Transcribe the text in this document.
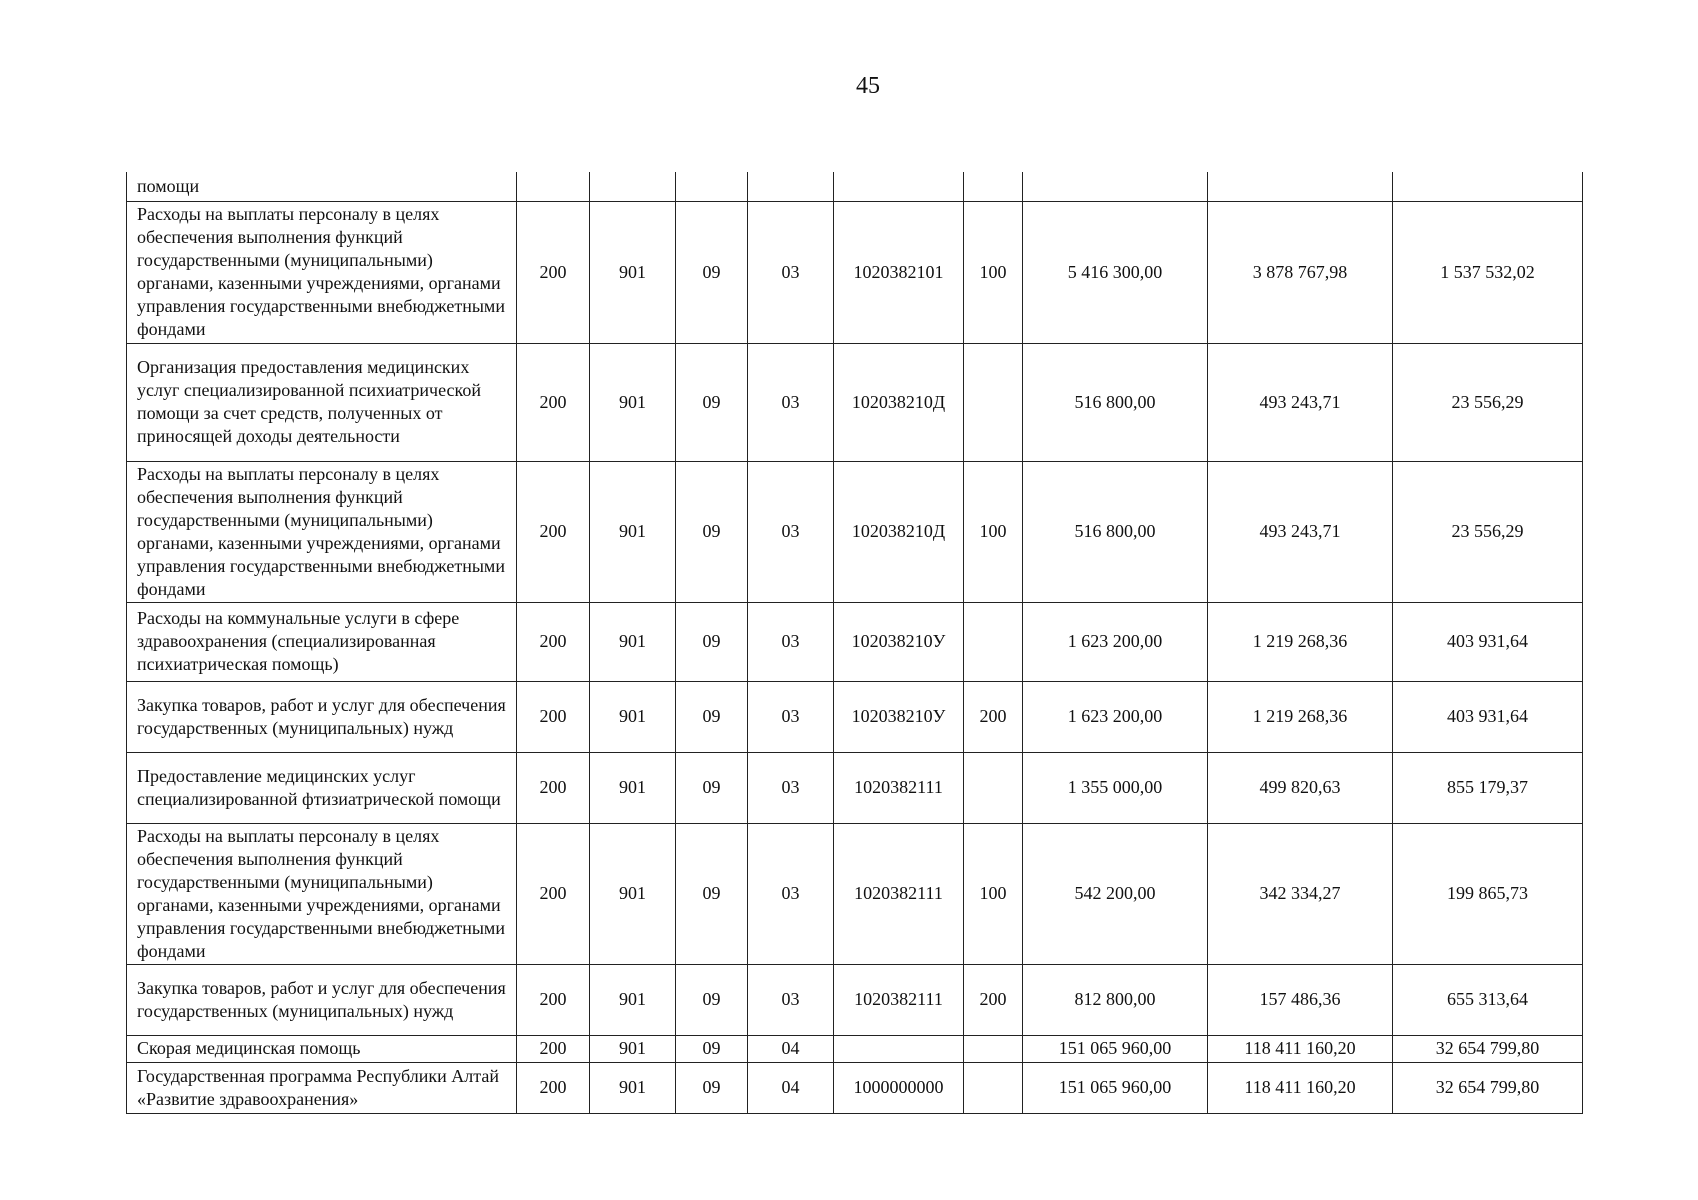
45
помощи									
Расходы на выплаты персоналу в целях обеспечения выполнения функций государственными (муниципальными) органами, казенными учреждениями, органами управления государственными внебюджетными фондами	200	901	09	03	1020382101	100	5 416 300,00	3 878 767,98	1 537 532,02
Организация предоставления медицинских услуг специализированной психиатрической помощи за счет средств, полученных от приносящей доходы деятельности	200	901	09	03	102038210Д		516 800,00	493 243,71	23 556,29
Расходы на выплаты персоналу в целях обеспечения выполнения функций государственными (муниципальными) органами, казенными учреждениями, органами управления государственными внебюджетными фондами	200	901	09	03	102038210Д	100	516 800,00	493 243,71	23 556,29
Расходы на коммунальные услуги в сфере здравоохранения (специализированная психиатрическая помощь)	200	901	09	03	102038210У		1 623 200,00	1 219 268,36	403 931,64
Закупка товаров, работ и услуг для обеспечения государственных (муниципальных) нужд	200	901	09	03	102038210У	200	1 623 200,00	1 219 268,36	403 931,64
Предоставление медицинских услуг специализированной фтизиатрической помощи	200	901	09	03	1020382111		1 355 000,00	499 820,63	855 179,37
Расходы на выплаты персоналу в целях обеспечения выполнения функций государственными (муниципальными) органами, казенными учреждениями, органами управления государственными внебюджетными фондами	200	901	09	03	1020382111	100	542 200,00	342 334,27	199 865,73
Закупка товаров, работ и услуг для обеспечения государственных (муниципальных) нужд	200	901	09	03	1020382111	200	812 800,00	157 486,36	655 313,64
Скорая медицинская помощь	200	901	09	04			151 065 960,00	118 411 160,20	32 654 799,80
Государственная программа Республики Алтай «Развитие здравоохранения»	200	901	09	04	1000000000		151 065 960,00	118 411 160,20	32 654 799,80
